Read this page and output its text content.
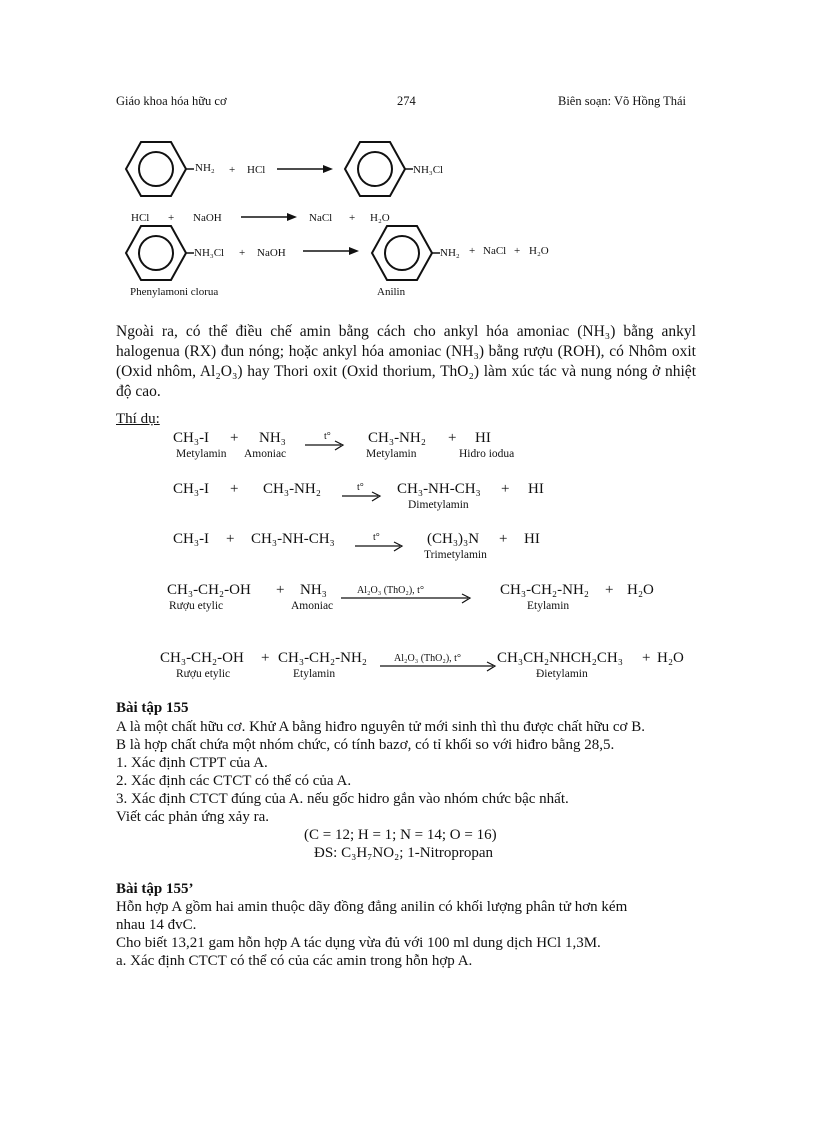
Giáo khoa hóa hữu cơ	274	Biên soạn: Võ Hồng Thái
NH₂ + HCl	NH₃Cl
HCl + NaOH	NaCl + H₂O
NH₃Cl + NaOH	NH₂ + NaCl + H₂O
Phenylamoni clorua	Anilin
Ngoài ra, có thể điều chế amin bằng cách cho ankyl hóa amoniac (NH₃) bằng ankyl halogenua (RX) đun nóng; hoặc ankyl hóa amoniac (NH₃) bằng rượu (ROH), có Nhôm oxit (Oxid nhôm, Al₂O₃) hay Thori oxit (Oxid thorium, ThO₂) làm xúc tác và nung nóng ở nhiệt độ cao.
Thí dụ:
CH₃-I + NH₃	t° CH₃-NH₂ + HI
Metylamin Amoniac	Metylamin	Hidro iodua
CH₃-I + CH₃-NH₂	t° CH₃-NH-CH₃ + HI
Dimetylamin
CH₃-I + CH₃-NH-CH₃	t°	(CH₃)₃N + HI
Trimetylamin
CH₃-CH₂-OH + NH₃	Al₂O₃ (ThO₂), t°	CH₃-CH₂-NH₂ + H₂O
Rượu etylic	Amoniac	Etylamin
CH₃-CH₂-OH + CH₃-CH₂-NH₂	Al₂O₃ (ThO₂), t° CH₃CH₂NHCH₂CH₃ + H₂O
Rượu etylic	Etylamin	Đietylamin
Bài tập 155
A là một chất hữu cơ. Khử A bằng hiđro nguyên tử mới sinh thì thu được chất hữu cơ B.
B là hợp chất chứa một nhóm chức, có tính bazơ, có tỉ khối so với hiđro bằng 28,5.
1. Xác định CTPT của A.
2. Xác định các CTCT có thể có của A.
3. Xác định CTCT đúng của A. nếu gốc hidro gắn vào nhóm chức bậc nhất.
Viết các phản ứng xảy ra.
(C = 12; H = 1; N = 14; O = 16)
ĐS: C₃H₇NO₂; 1-Nitropropan
Bài tập 155’
Hỗn hợp A gồm hai amin thuộc dãy đồng đẳng anilin có khối lượng phân tử hơn kém
nhau 14 đvC.
Cho biết 13,21 gam hỗn hợp A tác dụng vừa đủ với 100 ml dung dịch HCl 1,3M.
a. Xác định CTCT có thể có của các amin trong hỗn hợp A.
